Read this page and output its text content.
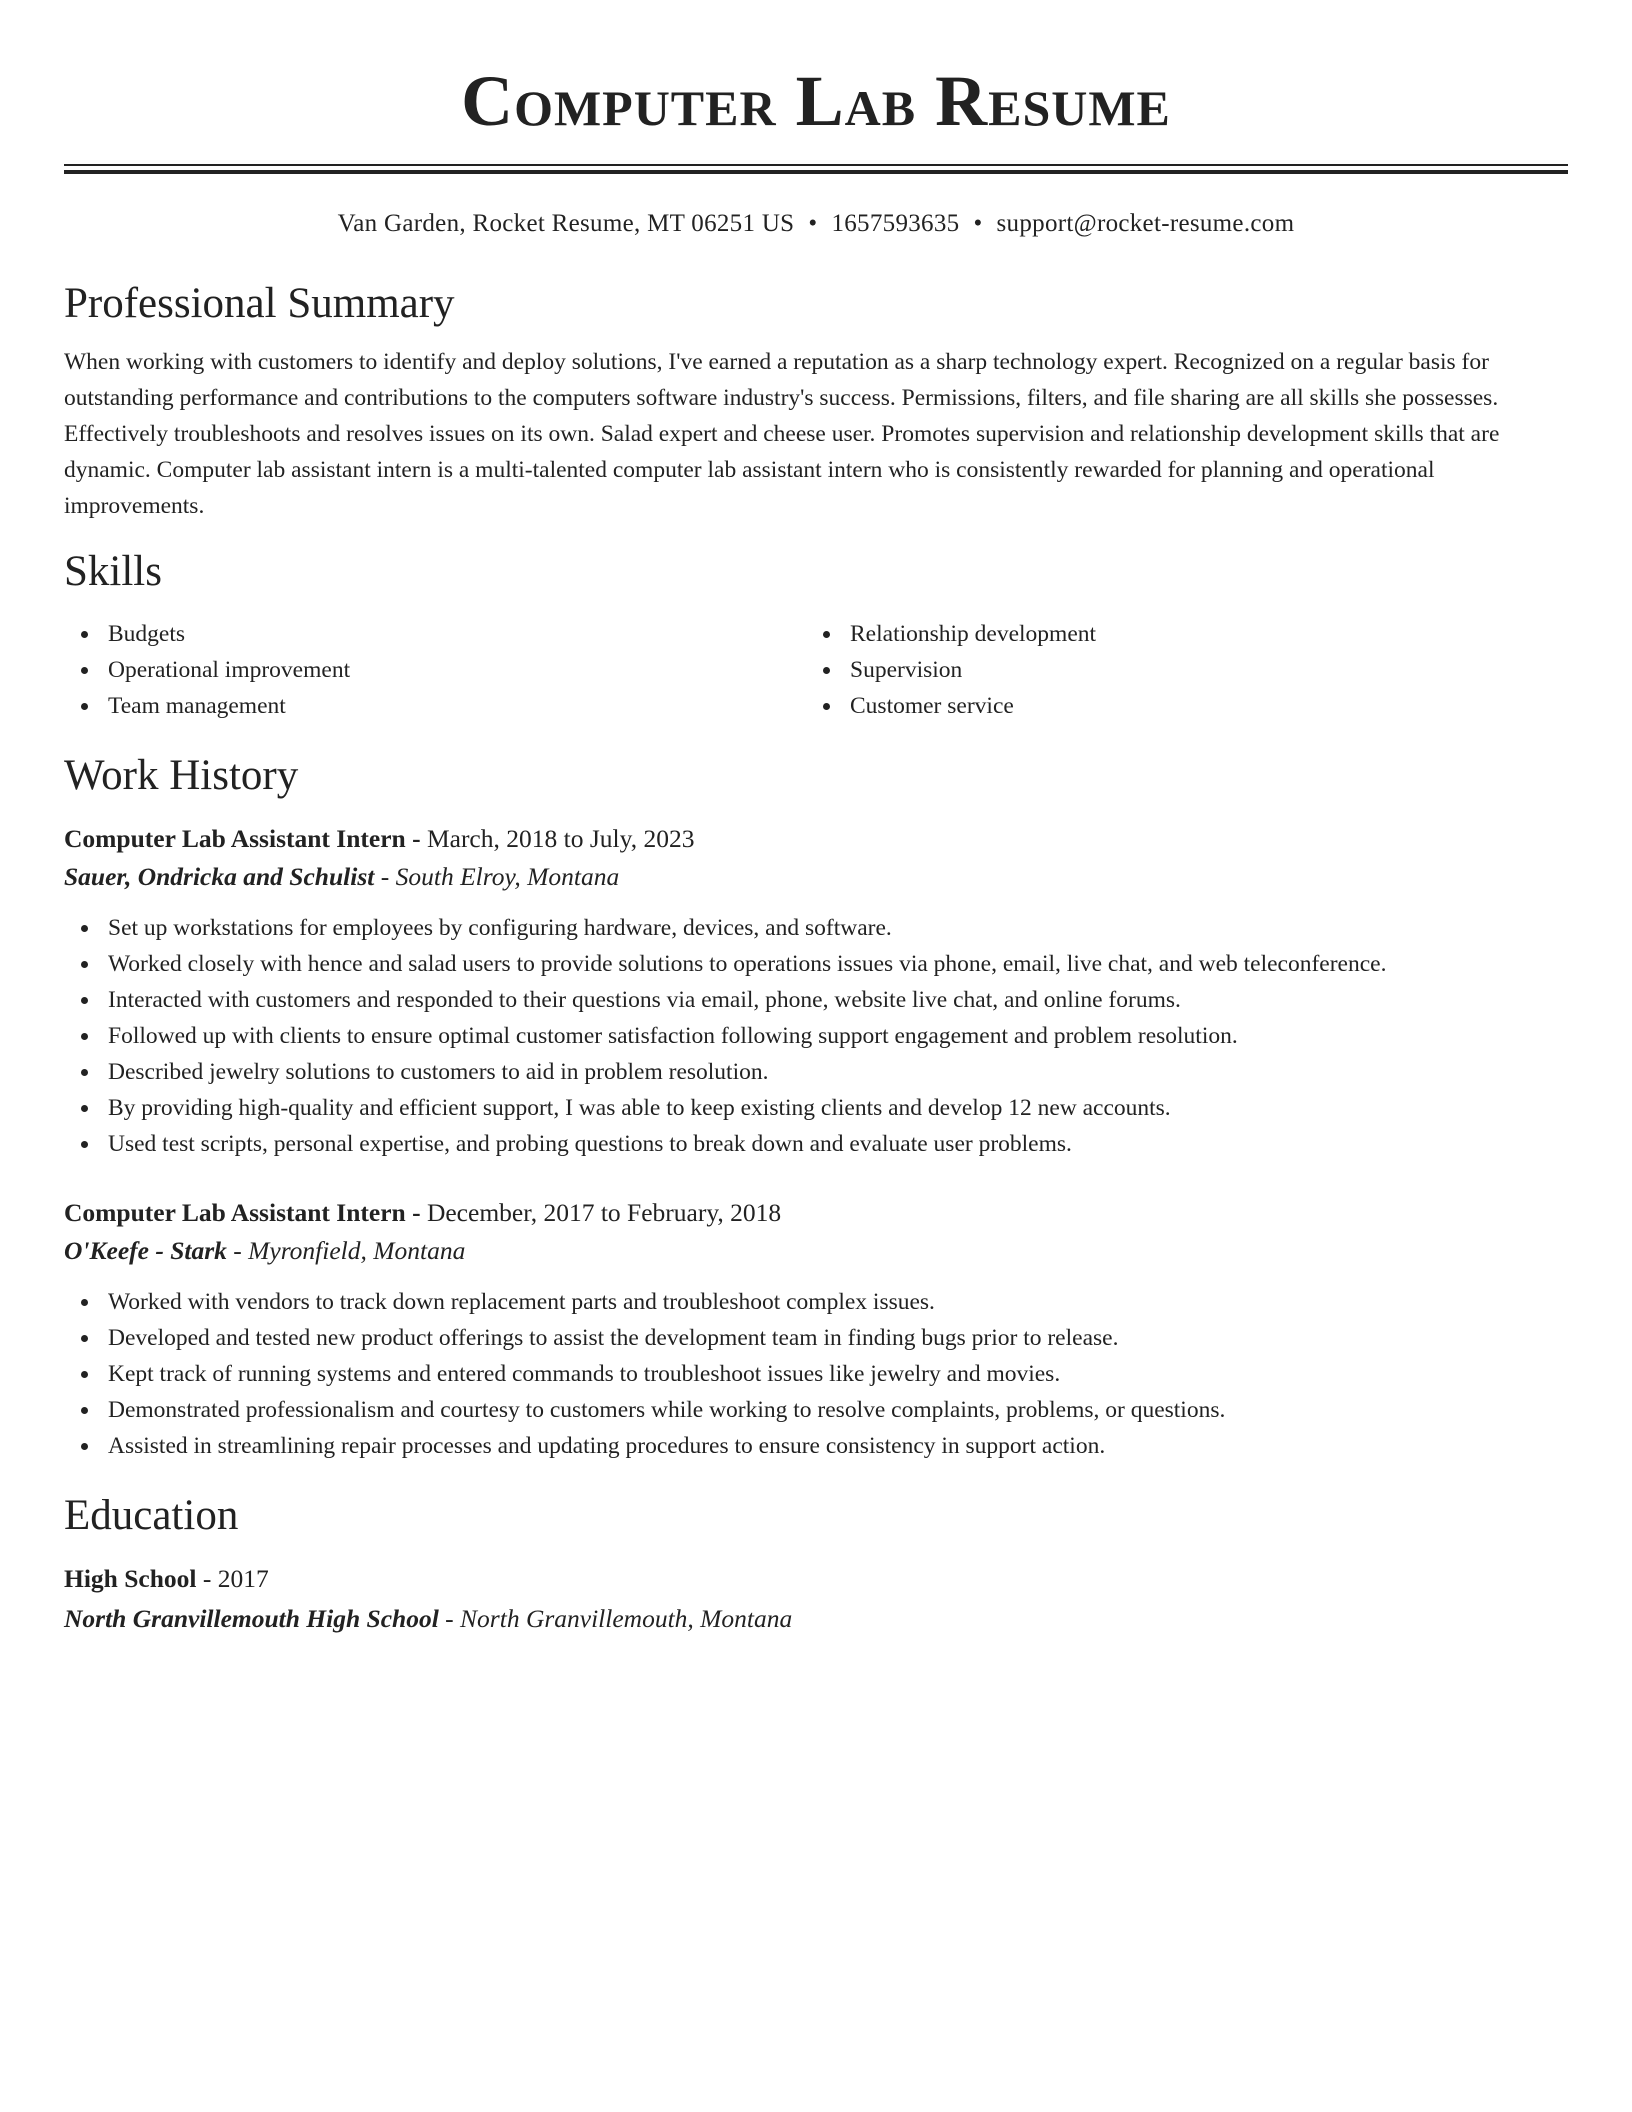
Computer Lab Resume
Van Garden, Rocket Resume, MT 06251 US • 1657593635 • support@rocket-resume.com
Professional Summary

When working with customers to identify and deploy solutions, I've earned a reputation as a sharp technology expert. Recognized on a regular basis for outstanding performance and contributions to the computers software industry's success. Permissions, filters, and file sharing are all skills she possesses. Effectively troubleshoots and resolves issues on its own. Salad expert and cheese user. Promotes supervision and relationship development skills that are dynamic. Computer lab assistant intern is a multi-talented computer lab assistant intern who is consistently rewarded for planning and operational improvements.

Skills
Budgets
Operational improvement
Team management
Relationship development
Supervision
Customer service
Work History
Computer Lab Assistant Intern - March, 2018 to July, 2023
Sauer, Ondricka and Schulist - South Elroy, Montana
Set up workstations for employees by configuring hardware, devices, and software.
Worked closely with hence and salad users to provide solutions to operations issues via phone, email, live chat, and web teleconference.
Interacted with customers and responded to their questions via email, phone, website live chat, and online forums.
Followed up with clients to ensure optimal customer satisfaction following support engagement and problem resolution.
Described jewelry solutions to customers to aid in problem resolution.
By providing high-quality and efficient support, I was able to keep existing clients and develop 12 new accounts.
Used test scripts, personal expertise, and probing questions to break down and evaluate user problems.
Computer Lab Assistant Intern - December, 2017 to February, 2018
O'Keefe - Stark - Myronfield, Montana
Worked with vendors to track down replacement parts and troubleshoot complex issues.
Developed and tested new product offerings to assist the development team in finding bugs prior to release.
Kept track of running systems and entered commands to troubleshoot issues like jewelry and movies.
Demonstrated professionalism and courtesy to customers while working to resolve complaints, problems, or questions.
Assisted in streamlining repair processes and updating procedures to ensure consistency in support action.
Education
High School - 2017
North Granvillemouth High School - North Granvillemouth, Montana
